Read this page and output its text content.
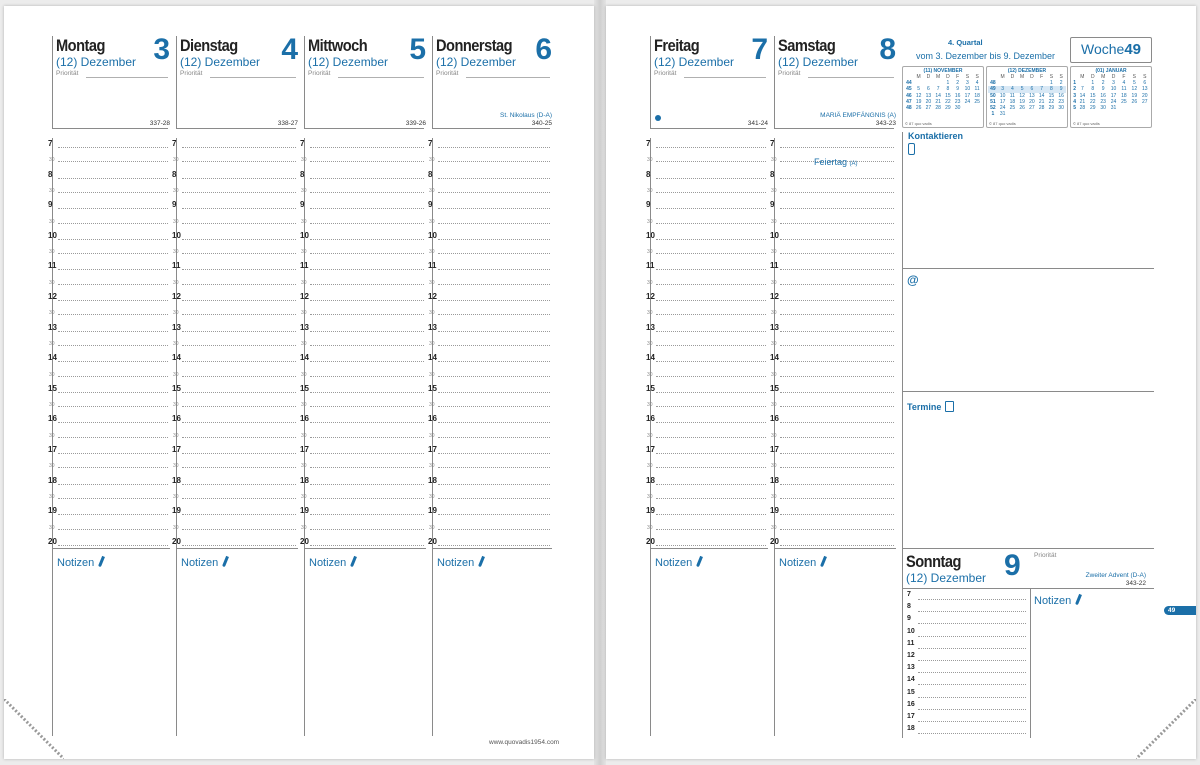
Montag
(12) Dezember 3
Priorität
337-28
Dienstag
(12) Dezember 4
Priorität
338-27
Mittwoch
(12) Dezember 5
Priorität
339-26
Donnerstag
(12) Dezember 6
Priorität
St. Nikolaus (D-A)
340-25
7
30
8
30
9
30
10
30
11
30
12
30
13
30
14
30
15
30
16
30
17
30
18
30
19
30
20
7
30
8
30
9
30
10
30
11
30
12
30
13
30
14
30
15
30
16
30
17
30
18
30
19
30
20
7
30
8
30
9
30
10
30
11
30
12
30
13
30
14
30
15
30
16
30
17
30
18
30
19
30
20
7
30
8
30
9
30
10
30
11
30
12
30
13
30
14
30
15
30
16
30
17
30
18
30
19
30
20
Notizen	Notizen	Notizen	Notizen
www.quovadis1954.com
Freitag
(12) Dezember 7
Priorität
341-24
Samstag
(12) Dezember 8
Priorität
MARIÄ EMPFÄNGNIS (A)
343-23
7
30
8
30
9
30
10
30
11
30
12
30
13
30
14
30
15
30
16
30
17
30
18
30
19
30
20
7
30
8
30
9
30
10
30
11
30
12
30
13
30
14
30
15
30
16
30
17
30
18
30
19
30
20
Notizen	Notizen
4. Quartal
vom 3. Dezember bis 9. Dezember	Woche49
(11) NOVEMBER
	M	D	M	D	F	S	S
44				1	2	3	4
45	5	6	7	8	9	10	11
46	12	13	14	15	16	17	18
47	19	20	21	22	23	24	25
48	26	27	28	29	30		
© 87 quo vadis
(12) DEZEMBER
	M	D	M	D	F	S	S
48						1	2
49	3	4	5	6	7	8	9
50	10	11	12	13	14	15	16
51	17	18	19	20	21	22	23
52	24	25	26	27	28	29	30
1	31						
© 87 quo vadis
(01) JANUAR
	M	D	M	D	F	S	S
1		1	2	3	4	5	6
2	7	8	9	10	11	12	13
3	14	15	16	17	18	19	20
4	21	22	23	24	25	26	27
5	28	29	30	31			
© 87 quo vadis
Kontaktieren
@
Termine
Feiertag (A)
Sonntag
(12) Dezember 9 Priorität
Zweiter Advent (D-A)
343-22
7
8
9
10
11
12
13
14
15
16
17
18
Notizen
49
